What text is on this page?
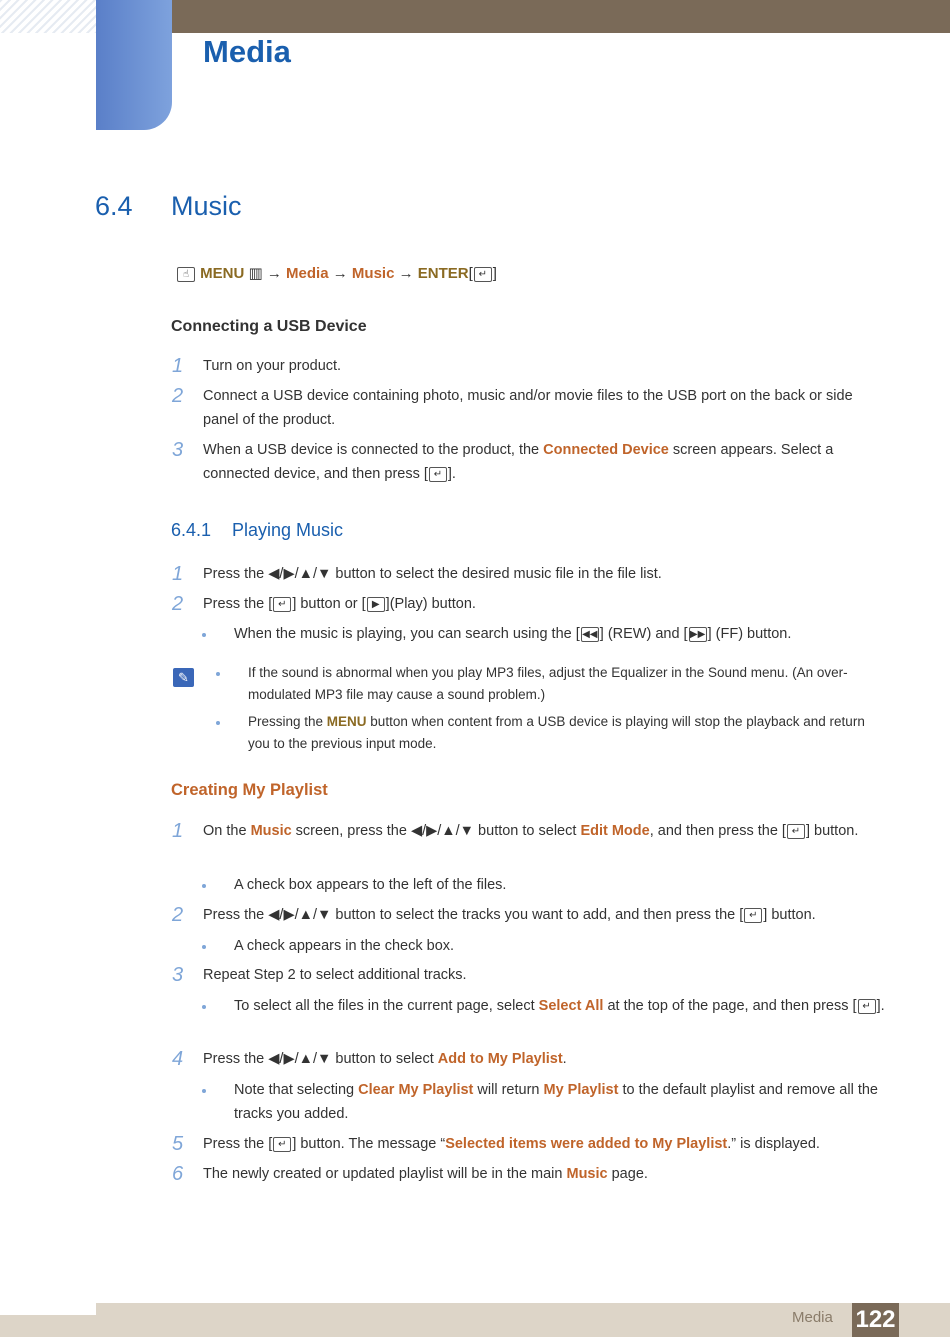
Media
6.4 Music
☝ MENU ▥ → Media → Music → ENTER[ ↵ ]
Connecting a USB Device
1 Turn on your product.
2 Connect a USB device containing photo, music and/or movie files to the USB port on the back or side panel of the product.
3 When a USB device is connected to the product, the Connected Device screen appears. Select a connected device, and then press [ ↵ ].
6.4.1 Playing Music
1 Press the ◀/▶/▲/▼ button to select the desired music file in the file list.
2 Press the [ ↵ ] button or [ ▶ ](Play) button.
When the music is playing, you can search using the [ ◀◀ ] (REW) and [ ▶▶ ] (FF) button.
✎	If the sound is abnormal when you play MP3 files, adjust the Equalizer in the Sound menu. (An over-modulated MP3 file may cause a sound problem.)
Pressing the MENU button when content from a USB device is playing will stop the playback and return you to the previous input mode.
Creating My Playlist
1 On the Music screen, press the ◀/▶/▲/▼ button to select Edit Mode, and then press the [ ↵ ] button.
A check box appears to the left of the files.
2 Press the ◀/▶/▲/▼ button to select the tracks you want to add, and then press the [ ↵ ] button.
A check appears in the check box.
3 Repeat Step 2 to select additional tracks.
To select all the files in the current page, select Select All at the top of the page, and then press [ ↵ ].
4 Press the ◀/▶/▲/▼ button to select Add to My Playlist.
Note that selecting Clear My Playlist will return My Playlist to the default playlist and remove all the tracks you added.
5 Press the [ ↵ ] button. The message “Selected items were added to My Playlist.” is displayed.
6 The newly created or updated playlist will be in the main Music page.
Media 122
